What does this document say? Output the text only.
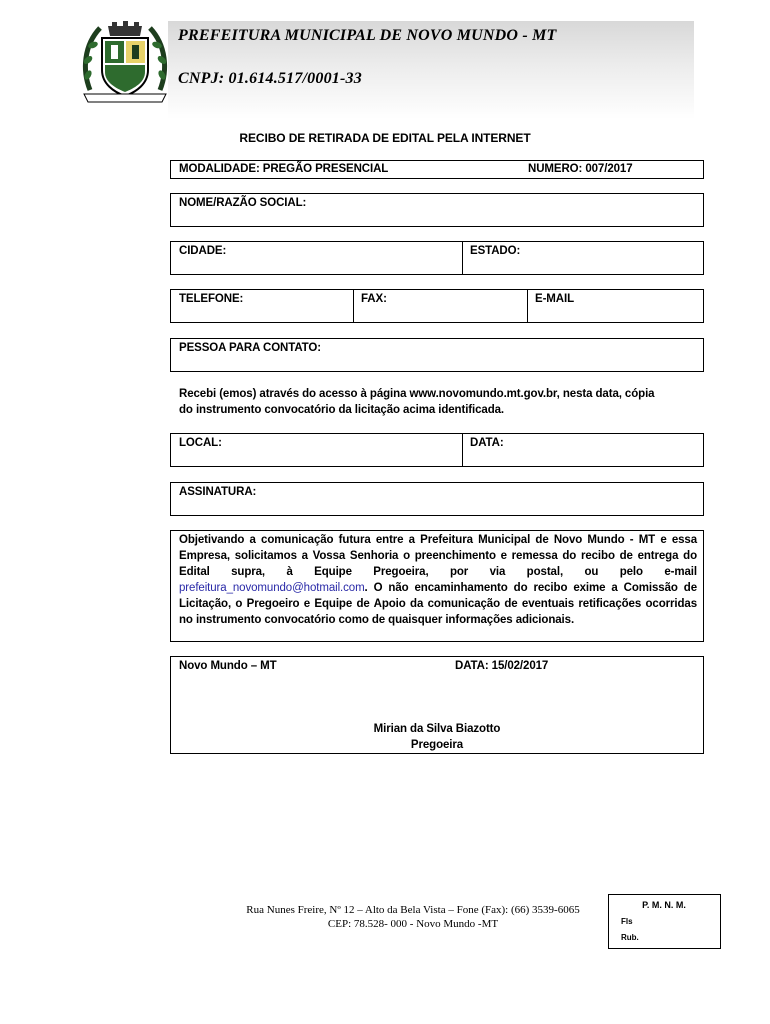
PREFEITURA MUNICIPAL DE NOVO MUNDO - MT
CNPJ: 01.614.517/0001-33
RECIBO DE RETIRADA DE EDITAL PELA INTERNET
MODALIDADE: PREGÃO PRESENCIAL	NUMERO: 007/2017
NOME/RAZÃO SOCIAL:
CIDADE:	ESTADO:
TELEFONE:	FAX:	E-MAIL
PESSOA PARA CONTATO:
Recebi (emos) através do acesso à página www.novomundo.mt.gov.br, nesta data, cópia
do instrumento convocatório da licitação acima identificada.
LOCAL:	DATA:
ASSINATURA:
Objetivando a comunicação futura entre a Prefeitura Municipal de Novo Mundo - MT e essa Empresa, solicitamos a Vossa Senhoria o preenchimento e remessa do recibo de entrega do Edital supra, à Equipe Pregoeira, por via postal, ou pelo e-mail prefeitura_novomundo@hotmail.com. O não encaminhamento do recibo exime a Comissão de Licitação, o Pregoeiro e Equipe de Apoio da comunicação de eventuais retificações ocorridas no instrumento convocatório como de quaisquer informações adicionais.
Novo Mundo – MT	DATA: 15/02/2017
Mirian da Silva Biazotto
Pregoeira
Rua Nunes Freire, Nº 12 – Alto da Bela Vista – Fone (Fax): (66) 3539-6065
CEP: 78.528- 000 - Novo Mundo -MT
P. M. N. M.
Fls
Rub.
